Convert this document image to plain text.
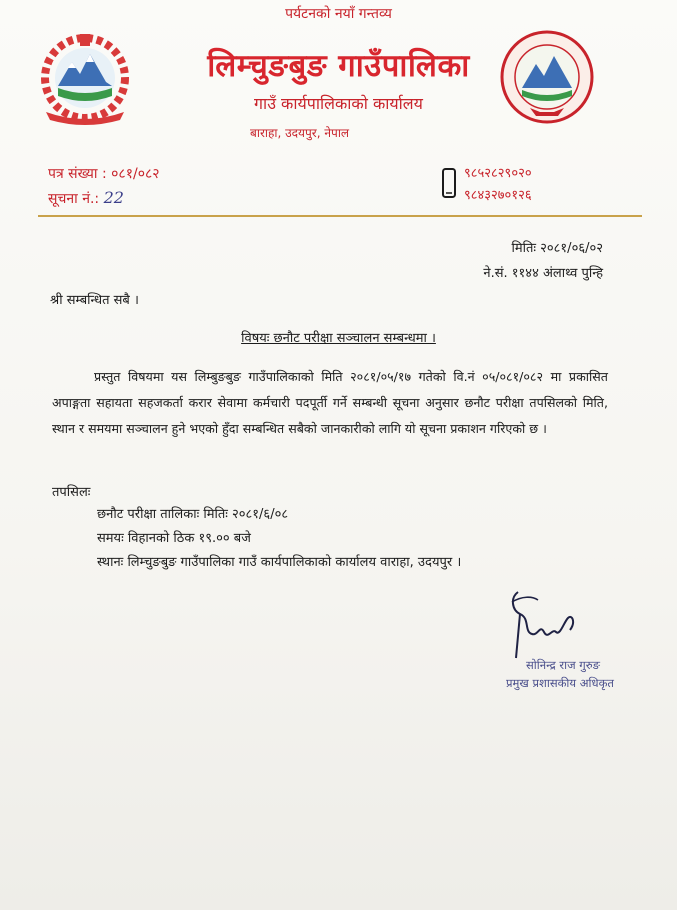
पर्यटनको नयाँ गन्तव्य
लिम्चुङबुङ गाउँपालिका
गाउँ कार्यपालिकाको कार्यालय
बाराहा, उदयपुर, नेपाल
पत्र संख्या : ०८१/०८२
सूचना नं.: 22
९८५२८२९०२०
९८४३२७०१२६
मितिः २०८१/०६/०२
ने.सं. ११४४ अंलाथ्व पुन्हि
श्री सम्बन्धित सबै ।
विषयः छनौट परीक्षा सञ्चालन सम्बन्धमा ।
प्रस्तुत विषयमा यस लिम्बुङबुङ गाउँपालिकाको मिति २०८१/०५/१७ गतेको वि.नं ०५/०८१/०८२ मा प्रकासित अपाङ्गता सहायता सहजकर्ता करार सेवामा कर्मचारी पदपूर्ती गर्ने सम्बन्धी सूचना अनुसार छनौट परीक्षा तपसिलको मिति, स्थान र समयमा सञ्चालन हुने भएको हुँदा सम्बन्धित सबैको जानकारीको लागि यो सूचना प्रकाशन गरिएको छ ।
तपसिलः
छनौट परीक्षा तालिकाः मितिः २०८१/६/०८
समयः विहानको ठिक १९.०० बजे
स्थानः लिम्चुङबुङ गाउँपालिका गाउँ कार्यपालिकाको कार्यालय वाराहा, उदयपुर ।
सोनिन्द्र राज गुरुङ
प्रमुख प्रशासकीय अधिकृत
